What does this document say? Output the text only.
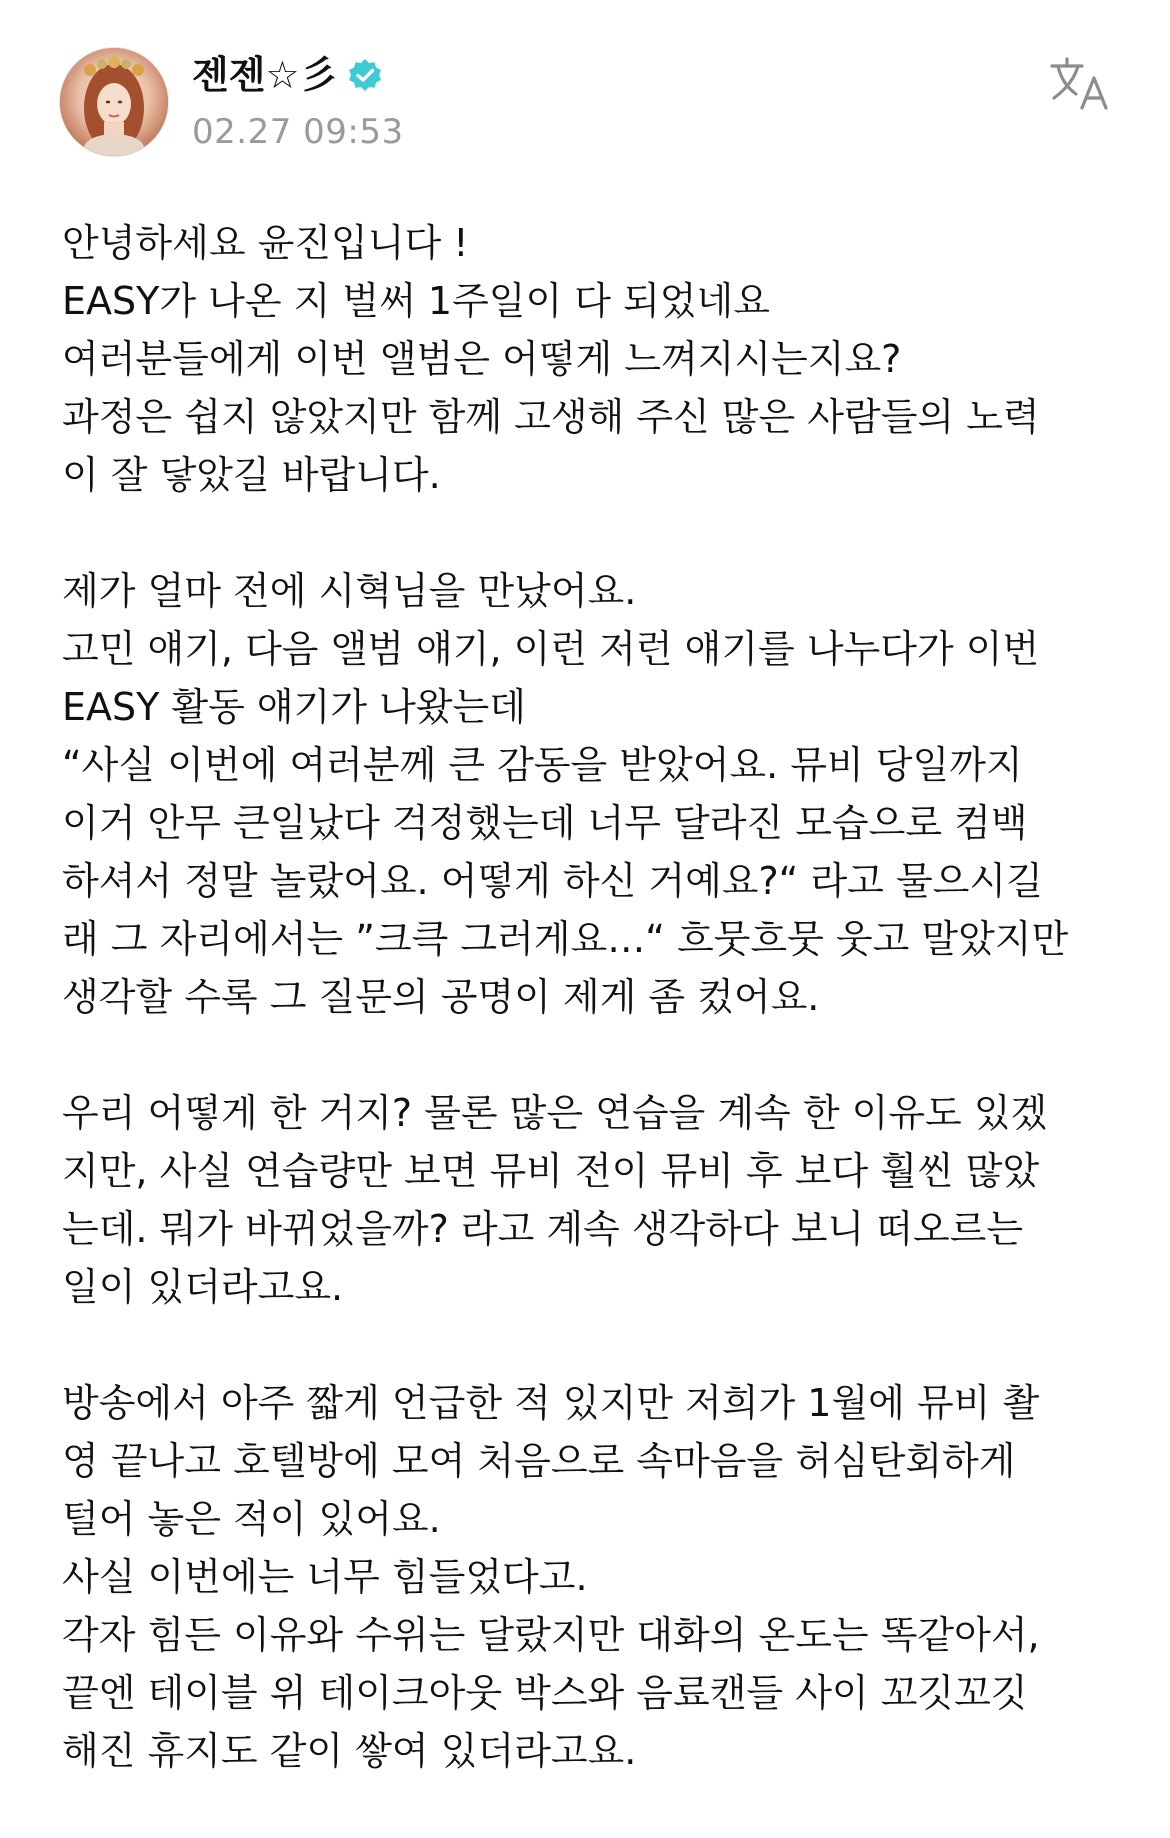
젠젠☆彡
02.27 09:53
안녕하세요 윤진입니다 !
EASY가 나온 지 벌써 1주일이 다 되었네요
여러분들에게 이번 앨범은 어떻게 느껴지시는지요?
과정은 쉽지 않았지만 함께 고생해 주신 많은 사람들의 노력
이 잘 닿았길 바랍니다.
제가 얼마 전에 시혁님을 만났어요.
고민 얘기, 다음 앨범 얘기, 이런 저런 얘기를 나누다가 이번
EASY 활동 얘기가 나왔는데
“사실 이번에 여러분께 큰 감동을 받았어요. 뮤비 당일까지
이거 안무 큰일났다 걱정했는데 너무 달라진 모습으로 컴백
하셔서 정말 놀랐어요. 어떻게 하신 거예요?“ 라고 물으시길
래 그 자리에서는 ”크큭 그러게요…“ 흐뭇흐뭇 웃고 말았지만
생각할 수록 그 질문의 공명이 제게 좀 컸어요.
우리 어떻게 한 거지? 물론 많은 연습을 계속 한 이유도 있겠
지만, 사실 연습량만 보면 뮤비 전이 뮤비 후 보다 훨씬 많았
는데. 뭐가 바뀌었을까? 라고 계속 생각하다 보니 떠오르는
일이 있더라고요.
방송에서 아주 짧게 언급한 적 있지만 저희가 1월에 뮤비 촬
영 끝나고 호텔방에 모여 처음으로 속마음을 허심탄회하게
털어 놓은 적이 있어요.
사실 이번에는 너무 힘들었다고.
각자 힘든 이유와 수위는 달랐지만 대화의 온도는 똑같아서,
끝엔 테이블 위 테이크아웃 박스와 음료캔들 사이 꼬깃꼬깃
해진 휴지도 같이 쌓여 있더라고요.
